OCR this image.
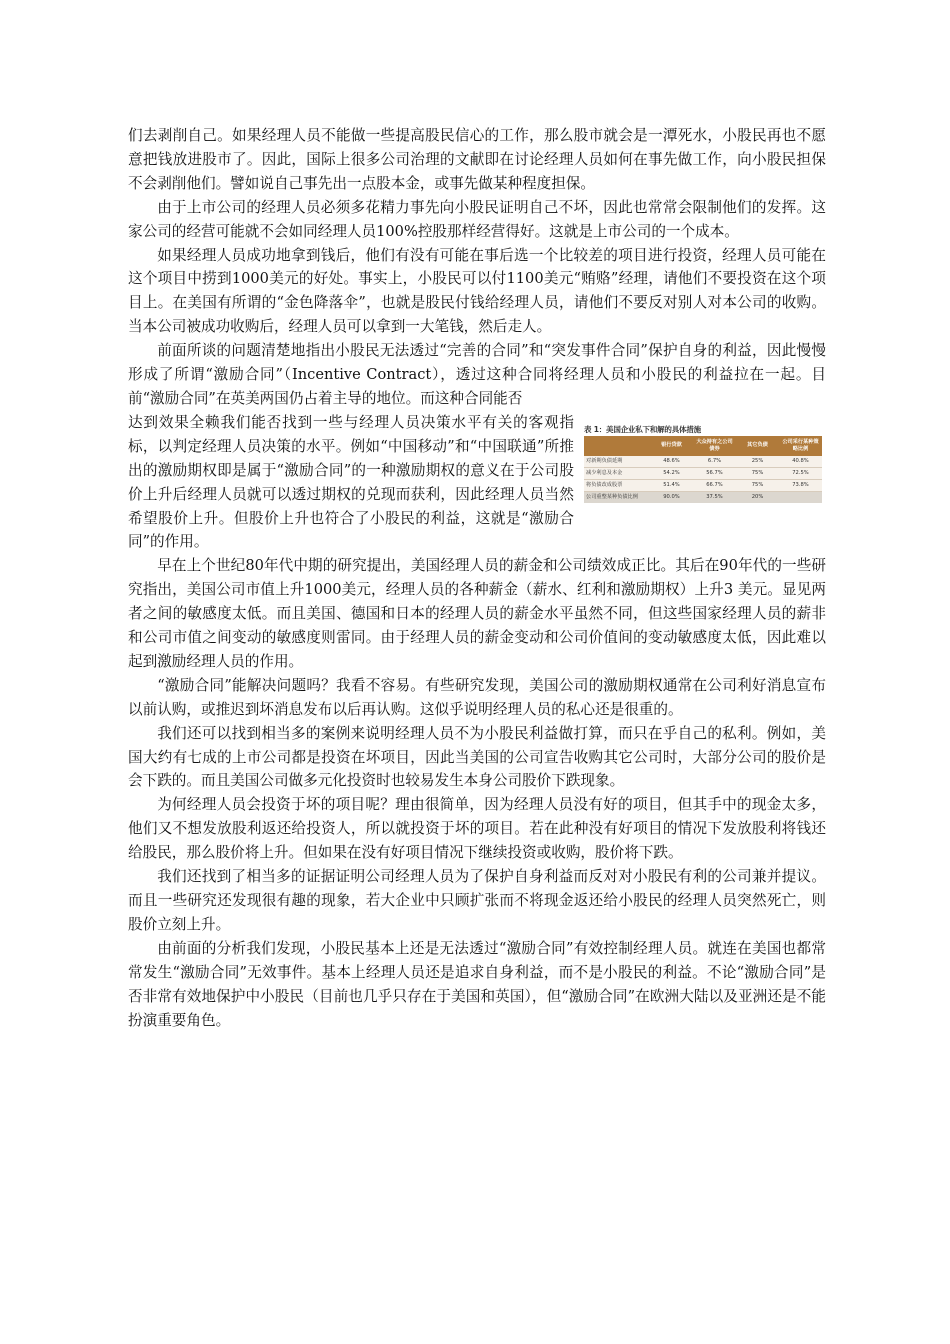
们去剥削自己。如果经理人员不能做一些提高股民信心的工作，那么股市就会是一潭死水，小股民再也不愿意把钱放进股市了。因此，国际上很多公司治理的文献即在讨论经理人员如何在事先做工作，向小股民担保不会剥削他们。譬如说自己事先出一点股本金，或事先做某种程度担保。

由于上市公司的经理人员必须多花精力事先向小股民证明自己不坏，因此也常常会限制他们的发挥。这家公司的经营可能就不会如同经理人员100%控股那样经营得好。这就是上市公司的一个成本。

如果经理人员成功地拿到钱后，他们有没有可能在事后选一个比较差的项目进行投资，经理人员可能在这个项目中捞到1000美元的好处。事实上，小股民可以付1100美元“贿赂”经理，请他们不要投资在这个项目上。在美国有所谓的“金色降落伞”，也就是股民付钱给经理人员，请他们不要反对别人对本公司的收购。当本公司被成功收购后，经理人员可以拿到一大笔钱，然后走人。

前面所谈的问题清楚地指出小股民无法透过“完善的合同”和“突发事件合同”保护自身的利益，因此慢慢形成了所谓“激励合同”（Incentive Contract），透过这种合同将经理人员和小股民的利益拉在一起。目前“激励合同”在英美两国仍占着主导的地位。而这种合同能否

表 1：美国企业私下和解的具体措施
	银行贷款	大众持有之公司债券	其它负债	公司采行某种策略比例
对新期负债延期	48.6%	6.7%	25%	40.8%
减少利息及本金	54.2%	56.7%	75%	72.5%
将负债改成股票	51.4%	66.7%	75%	73.8%
公司重整某种负债比例	90.0%	37.5%	20%	

达到效果全赖我们能否找到一些与经理人员决策水平有关的客观指标，以判定经理人员决策的水平。例如“中国移动”和“中国联通”所推出的激励期权即是属于“激励合同”的一种激励期权的意义在于公司股价上升后经理人员就可以透过期权的兑现而获利，因此经理人员当然希望股价上升。但股价上升也符合了小股民的利益，这就是“激励合同”的作用。

早在上个世纪80年代中期的研究提出，美国经理人员的薪金和公司绩效成正比。其后在90年代的一些研究指出，美国公司市值上升1000美元，经理人员的各种薪金（薪水、红利和激励期权）上升3 美元。显见两者之间的敏感度太低。而且美国、德国和日本的经理人员的薪金水平虽然不同，但这些国家经理人员的薪非和公司市值之间变动的敏感度则雷同。由于经理人员的薪金变动和公司价值间的变动敏感度太低，因此难以起到激励经理人员的作用。

“激励合同”能解决问题吗？我看不容易。有些研究发现，美国公司的激励期权通常在公司利好消息宣布以前认购，或推迟到坏消息发布以后再认购。这似乎说明经理人员的私心还是很重的。

我们还可以找到相当多的案例来说明经理人员不为小股民利益做打算，而只在乎自己的私利。例如，美国大约有七成的上市公司都是投资在坏项目，因此当美国的公司宣告收购其它公司时，大部分公司的股价是会下跌的。而且美国公司做多元化投资时也较易发生本身公司股价下跌现象。

为何经理人员会投资于坏的项目呢？理由很简单，因为经理人员没有好的项目，但其手中的现金太多，他们又不想发放股利返还给投资人，所以就投资于坏的项目。若在此种没有好项目的情况下发放股利将钱还给股民，那么股价将上升。但如果在没有好项目情况下继续投资或收购，股价将下跌。

我们还找到了相当多的证据证明公司经理人员为了保护自身利益而反对对小股民有利的公司兼并提议。而且一些研究还发现很有趣的现象，若大企业中只顾扩张而不将现金返还给小股民的经理人员突然死亡，则股价立刻上升。

由前面的分析我们发现，小股民基本上还是无法透过“激励合同”有效控制经理人员。就连在美国也都常常发生“激励合同”无效事件。基本上经理人员还是追求自身利益，而不是小股民的利益。不论“激励合同”是否非常有效地保护中小股民（目前也几乎只存在于美国和英国），但“激励合同”在欧洲大陆以及亚洲还是不能扮演重要角色。
